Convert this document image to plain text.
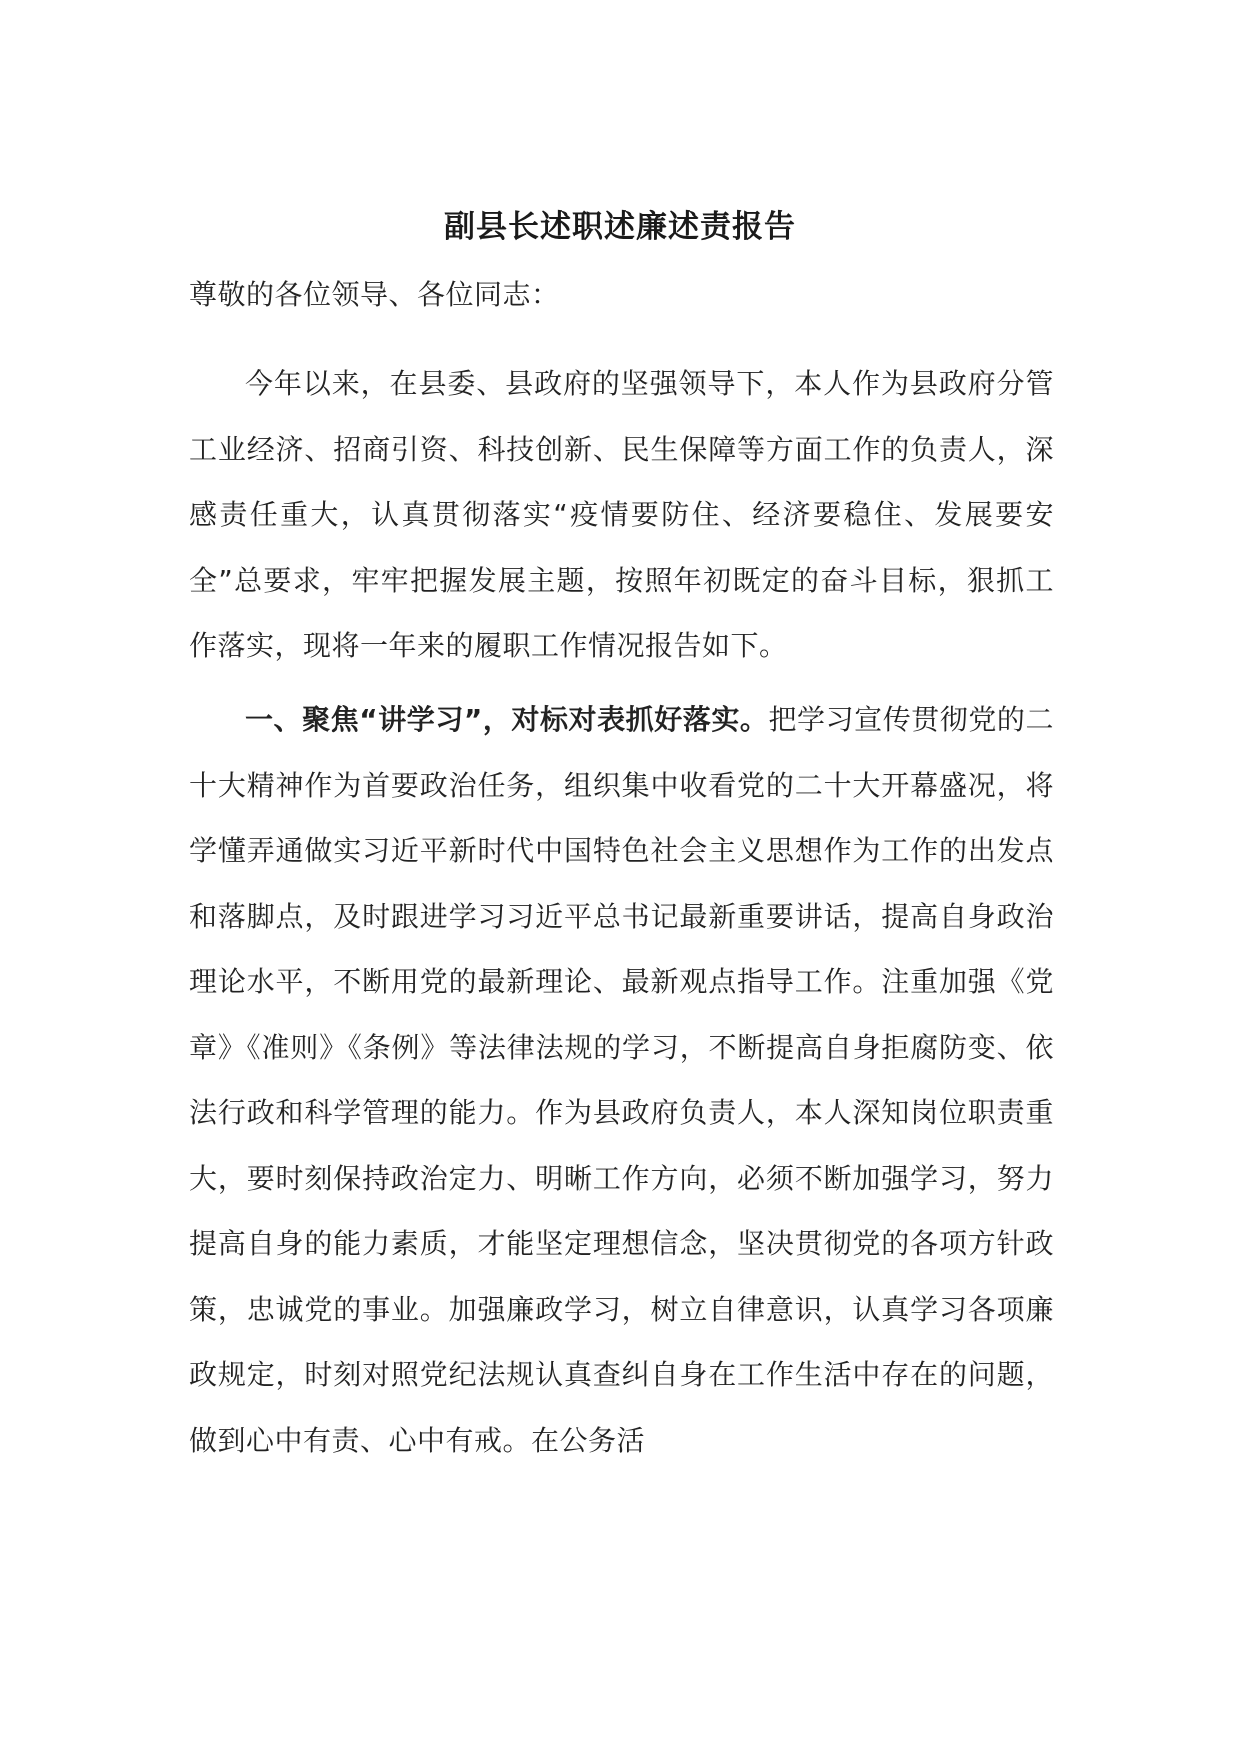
副县长述职述廉述责报告
尊敬的各位领导、各位同志：
今年以来，在县委、县政府的坚强领导下，本人作为县政府分管工业经济、招商引资、科技创新、民生保障等方面工作的负责人，深感责任重大，认真贯彻落实“疫情要防住、经济要稳住、发展要安全”总要求，牢牢把握发展主题，按照年初既定的奋斗目标，狠抓工作落实，现将一年来的履职工作情况报告如下。
一、聚焦“讲学习”，对标对表抓好落实。把学习宣传贯彻党的二十大精神作为首要政治任务，组织集中收看党的二十大开幕盛况，将学懂弄通做实习近平新时代中国特色社会主义思想作为工作的出发点和落脚点，及时跟进学习习近平总书记最新重要讲话，提高自身政治理论水平，不断用党的最新理论、最新观点指导工作。注重加强《党章》《准则》《条例》等法律法规的学习，不断提高自身拒腐防变、依法行政和科学管理的能力。作为县政府负责人，本人深知岗位职责重大，要时刻保持政治定力、明晰工作方向，必须不断加强学习，努力提高自身的能力素质，才能坚定理想信念，坚决贯彻党的各项方针政策，忠诚党的事业。加强廉政学习，树立自律意识，认真学习各项廉政规定，时刻对照党纪法规认真查纠自身在工作生活中存在的问题，做到心中有责、心中有戒。在公务活
